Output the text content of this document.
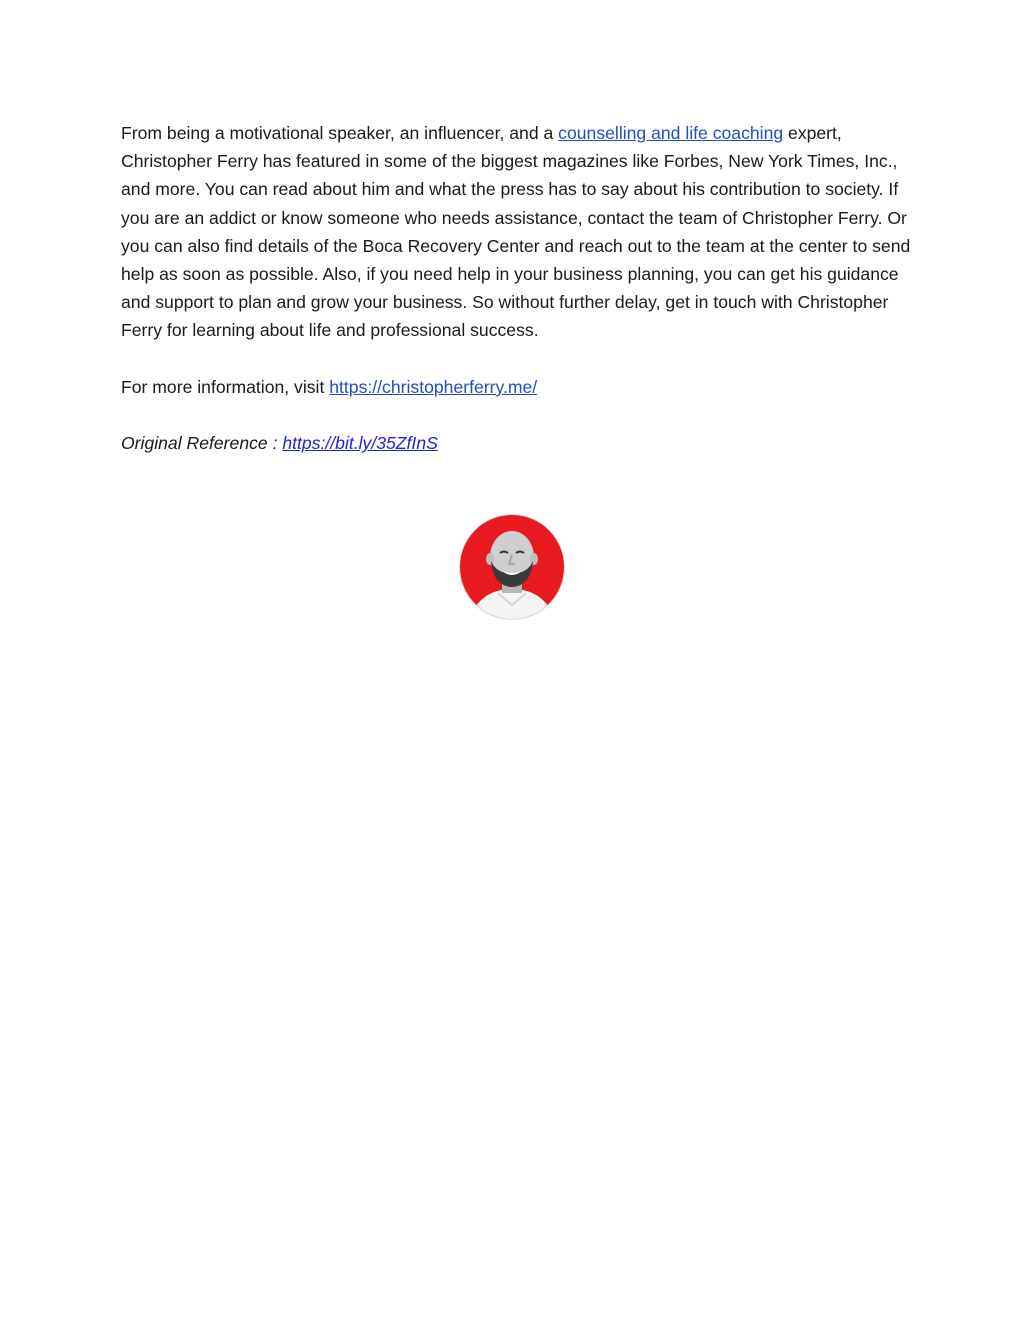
From being a motivational speaker, an influencer, and a counselling and life coaching expert, Christopher Ferry has featured in some of the biggest magazines like Forbes, New York Times, Inc., and more. You can read about him and what the press has to say about his contribution to society. If you are an addict or know someone who needs assistance, contact the team of Christopher Ferry. Or you can also find details of the Boca Recovery Center and reach out to the team at the center to send help as soon as possible. Also, if you need help in your business planning, you can get his guidance and support to plan and grow your business. So without further delay, get in touch with Christopher Ferry for learning about life and professional success.

For more information, visit https://christopherferry.me/

Original Reference : https://bit.ly/35ZfInS
